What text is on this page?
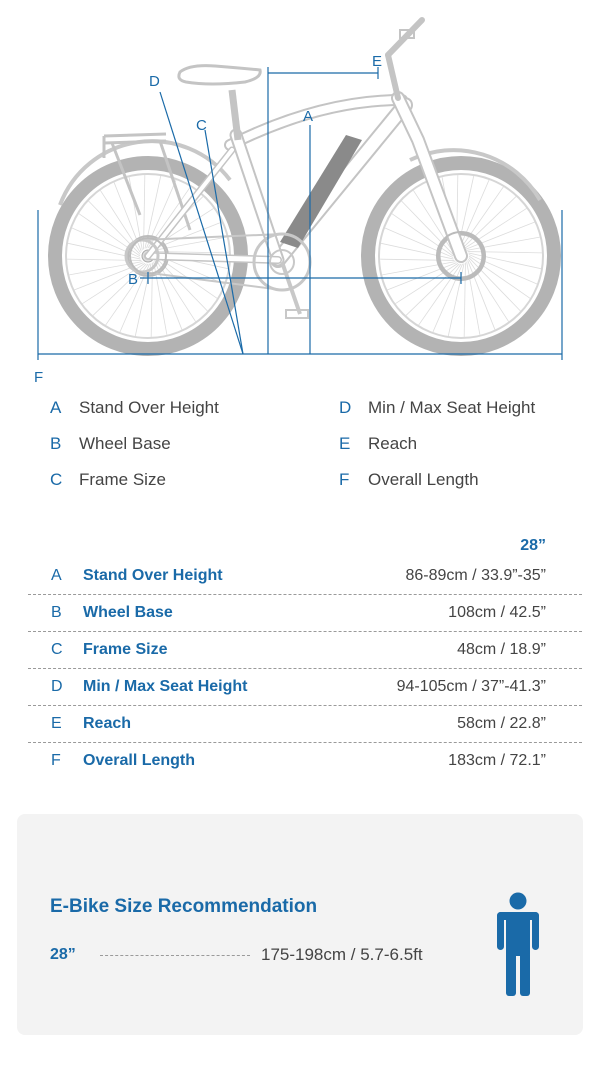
D
C
A
E
B
F
A Stand Over Height
B Wheel Base
C Frame Size
D Min / Max Seat Height
E Reach
F Overall Length
28”
A Stand Over Height	86-89cm / 33.9”-35”
B Wheel Base	108cm / 42.5”
C Frame Size	48cm / 18.9”
D Min / Max Seat Height	94-105cm / 37”-41.3”
E Reach	58cm / 22.8”
F Overall Length	183cm / 72.1”
E-Bike Size Recommendation
28”	175-198cm / 5.7-6.5ft
